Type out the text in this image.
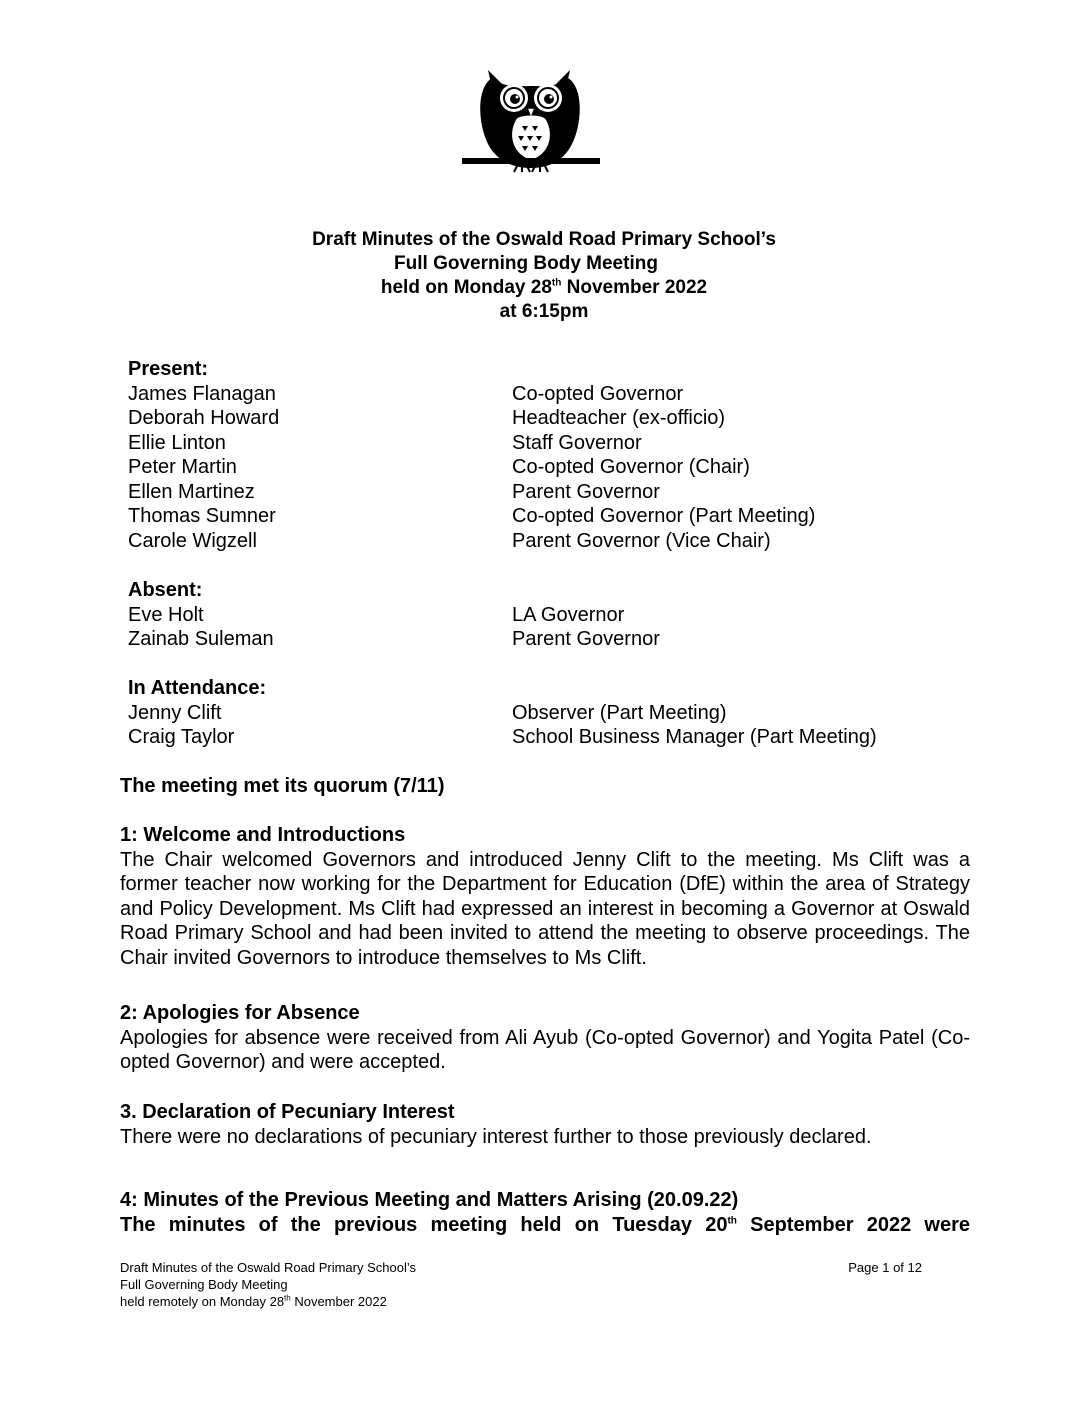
Draft Minutes of the Oswald Road Primary School’s
Full Governing Body Meeting
held on Monday 28th November 2022
at 6:15pm
Present:
James Flanagan	Co-opted Governor
Deborah Howard	Headteacher (ex-officio)
Ellie Linton	Staff Governor
Peter Martin	Co-opted Governor (Chair)
Ellen Martinez	Parent Governor
Thomas Sumner	Co-opted Governor (Part Meeting)
Carole Wigzell	Parent Governor (Vice Chair)
Absent:
Eve Holt	LA Governor
Zainab Suleman	Parent Governor
In Attendance:
Jenny Clift	Observer (Part Meeting)
Craig Taylor	School Business Manager (Part Meeting)
The meeting met its quorum (7/11)
1: Welcome and Introductions
The Chair welcomed Governors and introduced Jenny Clift to the meeting. Ms Clift was a former teacher now working for the Department for Education (DfE) within the area of Strategy and Policy Development. Ms Clift had expressed an interest in becoming a Governor at Oswald Road Primary School and had been invited to attend the meeting to observe proceedings. The Chair invited Governors to introduce themselves to Ms Clift.
2: Apologies for Absence
Apologies for absence were received from Ali Ayub (Co-opted Governor) and Yogita Patel (Co-opted Governor) and were accepted.
3. Declaration of Pecuniary Interest
There were no declarations of pecuniary interest further to those previously declared.
4: Minutes of the Previous Meeting and Matters Arising (20.09.22)
The minutes of the previous meeting held on Tuesday 20th September 2022 were
Draft Minutes of the Oswald Road Primary School’s
Full Governing Body Meeting
held remotely on Monday 28th November 2022
Page 1 of 12
